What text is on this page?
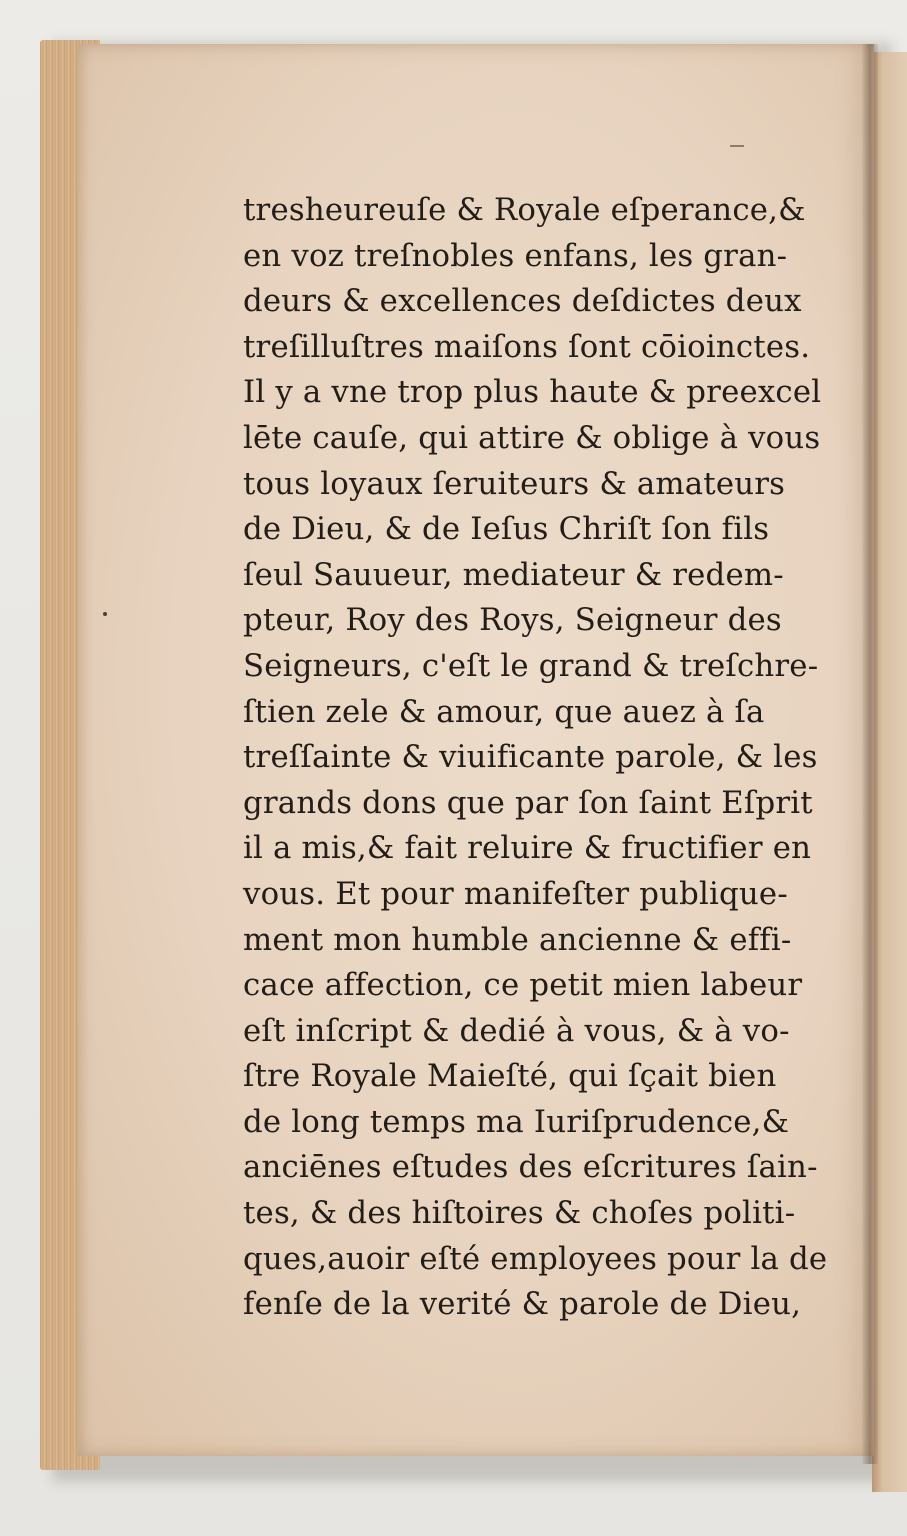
tresheureuſe & Royale eſperance,&
en voz treſnobles enfans, les gran-
deurs & excellences deſdictes deux
treſilluſtres maiſons ſont cōioinctes.
Il y a vne trop plus haute & preexcel
lēte cauſe, qui attire & oblige à vous
tous loyaux ſeruiteurs & amateurs
de Dieu, & de Ieſus Chriſt ſon fils
ſeul Sauueur, mediateur & redem-
pteur, Roy des Roys, Seigneur des
Seigneurs, c'eſt le grand & treſchre-
ſtien zele & amour, que auez à ſa
treſſainte & viuificante parole, & les
grands dons que par ſon ſaint Eſprit
il a mis,& fait reluire & fructifier en
vous. Et pour manifeſter publique-
ment mon humble ancienne & effi-
cace affection, ce petit mien labeur
eſt inſcript & dedié à vous, & à vo-
ſtre Royale Maieſté, qui ſçait bien
de long temps ma Iuriſprudence,&
anciēnes eſtudes des eſcritures ſain-
tes, & des hiſtoires & choſes politi-
ques,auoir eſté employees pour la de
fenſe de la verité & parole de Dieu,
